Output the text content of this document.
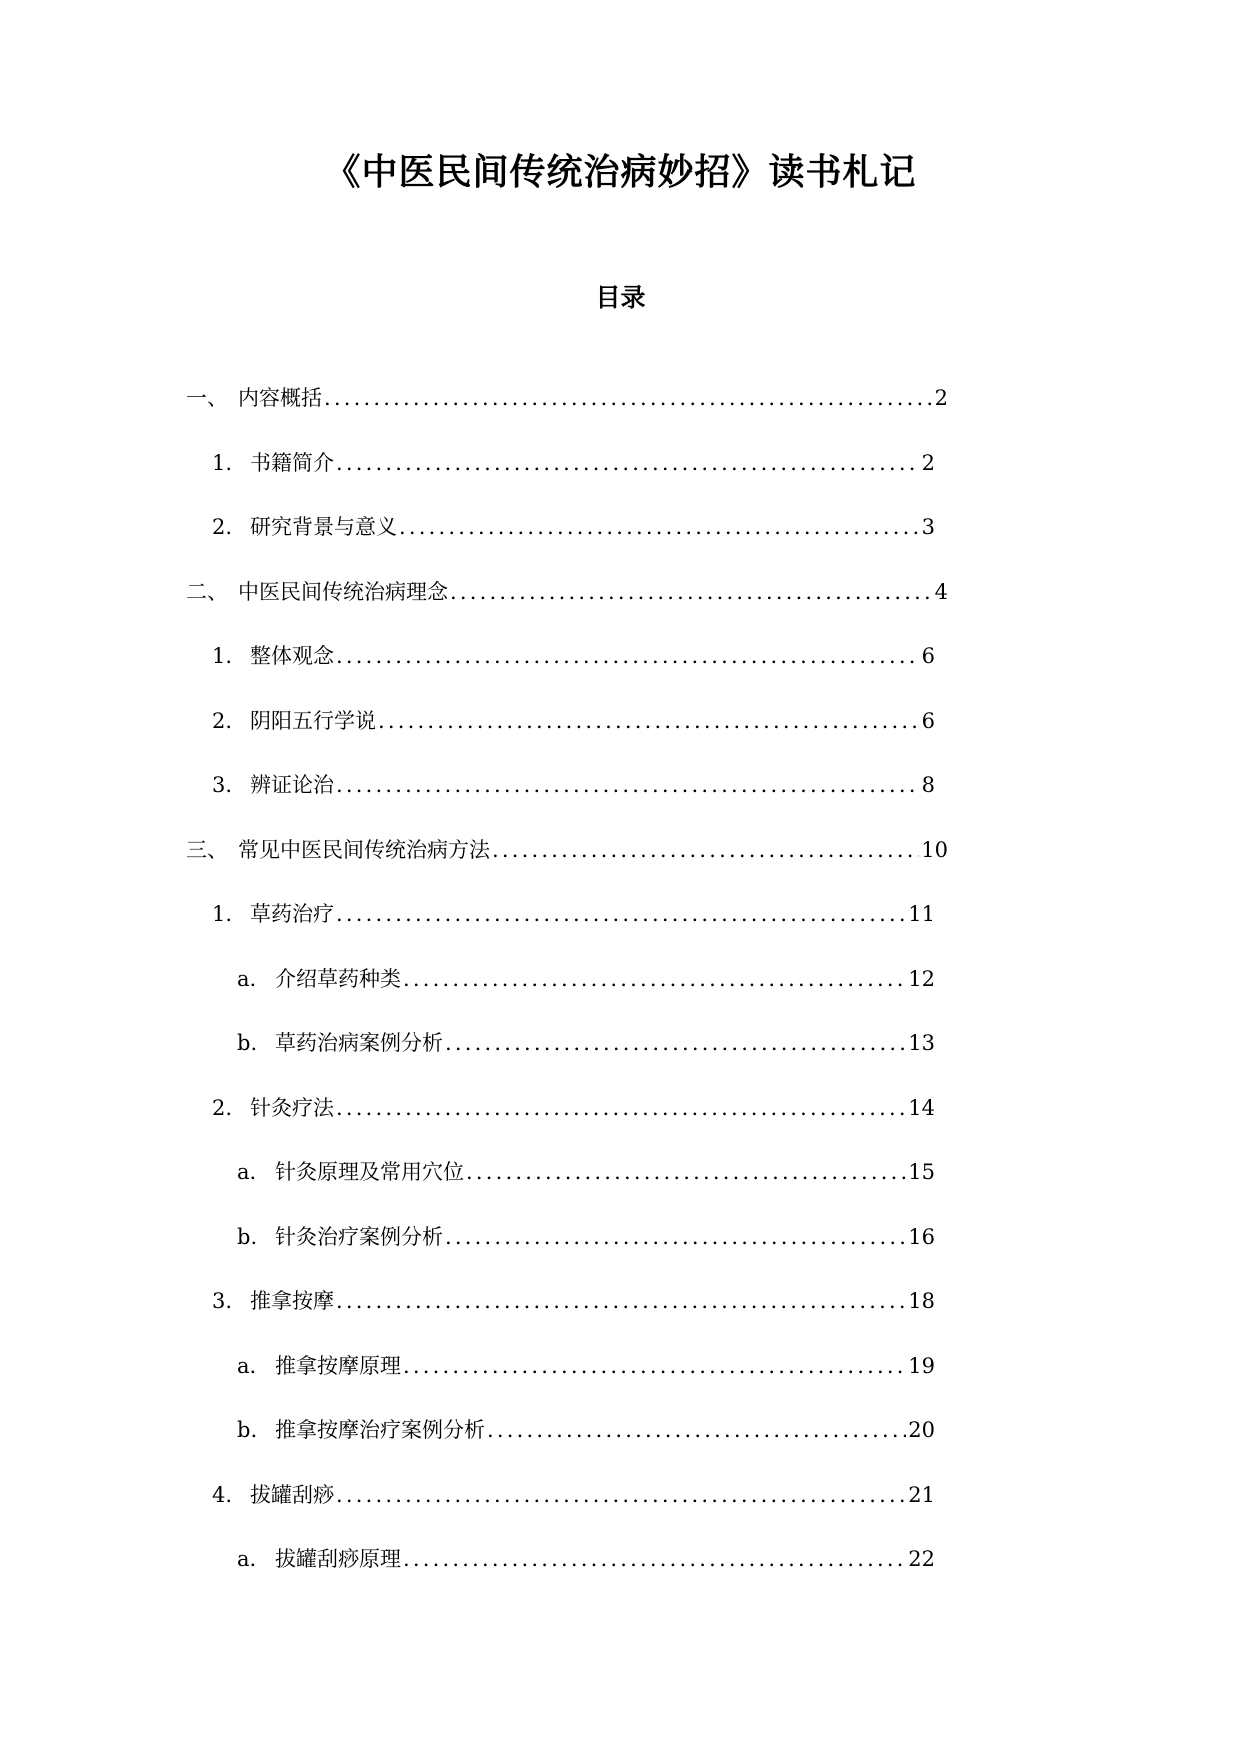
《中医民间传统治病妙招》读书札记
目录
一、 内容概括 .....	2
1. 书籍简介 .....	2
2. 研究背景与意义 .....	3
二、 中医民间传统治病理念 .....	4
1. 整体观念 .....	6
2. 阴阳五行学说 .....	6
3. 辨证论治 .....	8
三、 常见中医民间传统治病方法 .....	10
1. 草药治疗 .....	11
a. 介绍草药种类 .....	12
b. 草药治病案例分析 .....	13
2. 针灸疗法 .....	14
a. 针灸原理及常用穴位 .....	15
b. 针灸治疗案例分析 .....	16
3. 推拿按摩 .....	18
a. 推拿按摩原理 .....	19
b. 推拿按摩治疗案例分析 .....	20
4. 拔罐刮痧 .....	21
a. 拔罐刮痧原理 .....	22
